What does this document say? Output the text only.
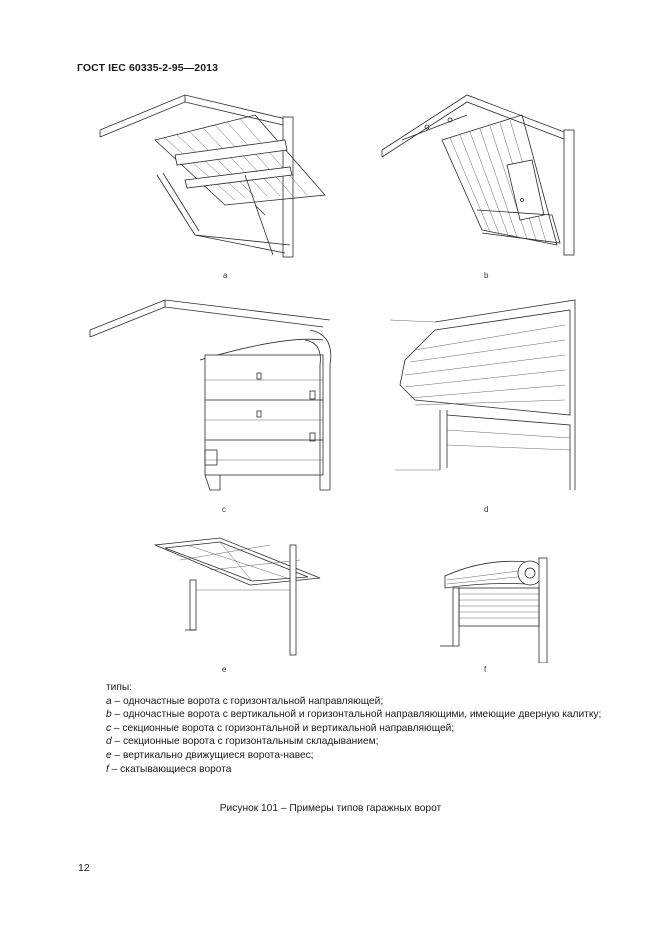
ГОСТ IEC 60335-2-95—2013
a	b
c	d
e	f
типы:
a – одночастные ворота с горизонтальной направляющей;
b – одночастные ворота с вертикальной и горизонтальной направляющими, имеющие дверную калитку;
c – секционные ворота с горизонтальной и вертикальной направляющей;
d – секционные ворота с горизонтальным складыванием;
e – вертикально движущиеся ворота-навес;
f – скатывающиеся ворота
Рисунок 101 – Примеры типов гаражных ворот
12
